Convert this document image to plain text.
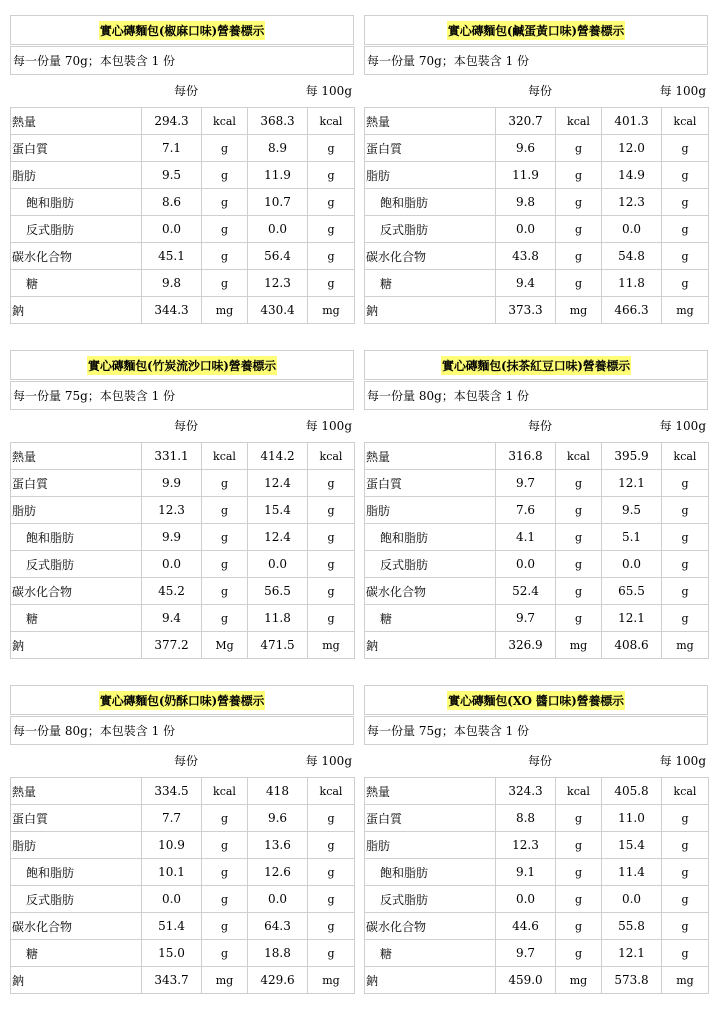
實心磚麵包(椒麻口味)營養標示
每一份量 70g；本包裝含 1 份
每份	每 100g
熱量	294.3	kcal	368.3	kcal
蛋白質	7.1	g	8.9	g
脂肪	9.5	g	11.9	g
飽和脂肪	8.6	g	10.7	g
反式脂肪	0.0	g	0.0	g
碳水化合物	45.1	g	56.4	g
糖	9.8	g	12.3	g
鈉	344.3	mg	430.4	mg
實心磚麵包(鹹蛋黃口味)營養標示
每一份量 70g；本包裝含 1 份
每份	每 100g
熱量	320.7	kcal	401.3	kcal
蛋白質	9.6	g	12.0	g
脂肪	11.9	g	14.9	g
飽和脂肪	9.8	g	12.3	g
反式脂肪	0.0	g	0.0	g
碳水化合物	43.8	g	54.8	g
糖	9.4	g	11.8	g
鈉	373.3	mg	466.3	mg
實心磚麵包(竹炭流沙口味)營養標示
每一份量 75g；本包裝含 1 份
每份	每 100g
熱量	331.1	kcal	414.2	kcal
蛋白質	9.9	g	12.4	g
脂肪	12.3	g	15.4	g
飽和脂肪	9.9	g	12.4	g
反式脂肪	0.0	g	0.0	g
碳水化合物	45.2	g	56.5	g
糖	9.4	g	11.8	g
鈉	377.2	Mg	471.5	mg
實心磚麵包(抹茶紅豆口味)營養標示
每一份量 80g；本包裝含 1 份
每份	每 100g
熱量	316.8	kcal	395.9	kcal
蛋白質	9.7	g	12.1	g
脂肪	7.6	g	9.5	g
飽和脂肪	4.1	g	5.1	g
反式脂肪	0.0	g	0.0	g
碳水化合物	52.4	g	65.5	g
糖	9.7	g	12.1	g
鈉	326.9	mg	408.6	mg
實心磚麵包(奶酥口味)營養標示
每一份量 80g；本包裝含 1 份
每份	每 100g
熱量	334.5	kcal	418	kcal
蛋白質	7.7	g	9.6	g
脂肪	10.9	g	13.6	g
飽和脂肪	10.1	g	12.6	g
反式脂肪	0.0	g	0.0	g
碳水化合物	51.4	g	64.3	g
糖	15.0	g	18.8	g
鈉	343.7	mg	429.6	mg
實心磚麵包(XO 醬口味)營養標示
每一份量 75g；本包裝含 1 份
每份	每 100g
熱量	324.3	kcal	405.8	kcal
蛋白質	8.8	g	11.0	g
脂肪	12.3	g	15.4	g
飽和脂肪	9.1	g	11.4	g
反式脂肪	0.0	g	0.0	g
碳水化合物	44.6	g	55.8	g
糖	9.7	g	12.1	g
鈉	459.0	mg	573.8	mg
